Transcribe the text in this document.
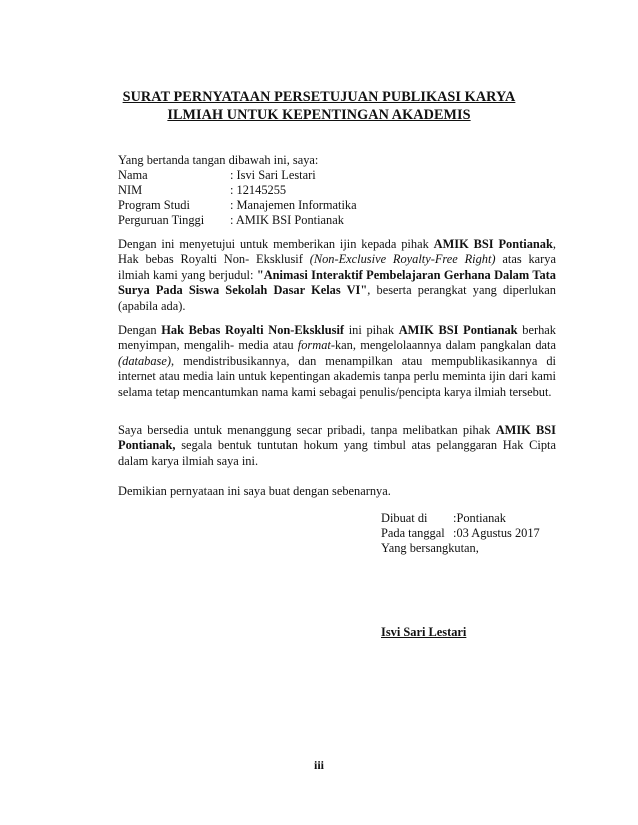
SURAT PERNYATAAN PERSETUJUAN PUBLIKASI KARYA
ILMIAH UNTUK KEPENTINGAN AKADEMIS
Yang bertanda tangan dibawah ini, saya:
Nama	: Isvi Sari Lestari
NIM	: 12145255
Program Studi	: Manajemen Informatika
Perguruan Tinggi : AMIK BSI Pontianak

Dengan ini menyetujui untuk memberikan ijin kepada pihak AMIK BSI Pontianak, Hak bebas Royalti Non- Eksklusif (Non-Exclusive Royalty-Free Right) atas karya ilmiah kami yang berjudul: "Animasi Interaktif Pembelajaran Gerhana Dalam Tata Surya Pada Siswa Sekolah Dasar Kelas VI", beserta perangkat yang diperlukan (apabila ada).

Dengan Hak Bebas Royalti Non-Eksklusif ini pihak AMIK BSI Pontianak berhak menyimpan, mengalih- media atau format-kan, mengelolaannya dalam pangkalan data (database), mendistribusikannya, dan menampilkan atau mempublikasikannya di internet atau media lain untuk kepentingan akademis tanpa perlu meminta ijin dari kami selama tetap mencantumkan nama kami sebagai penulis/pencipta karya ilmiah tersebut.

Saya bersedia untuk menanggung secar pribadi, tanpa melibatkan pihak AMIK BSI Pontianak, segala bentuk tuntutan hokum yang timbul atas pelanggaran Hak Cipta dalam karya ilmiah saya ini.

Demikian pernyataan ini saya buat dengan sebenarnya.
Dibuat di :Pontianak
Pada tanggal :03 Agustus 2017
Yang bersangkutan,
Isvi Sari Lestari
iii
